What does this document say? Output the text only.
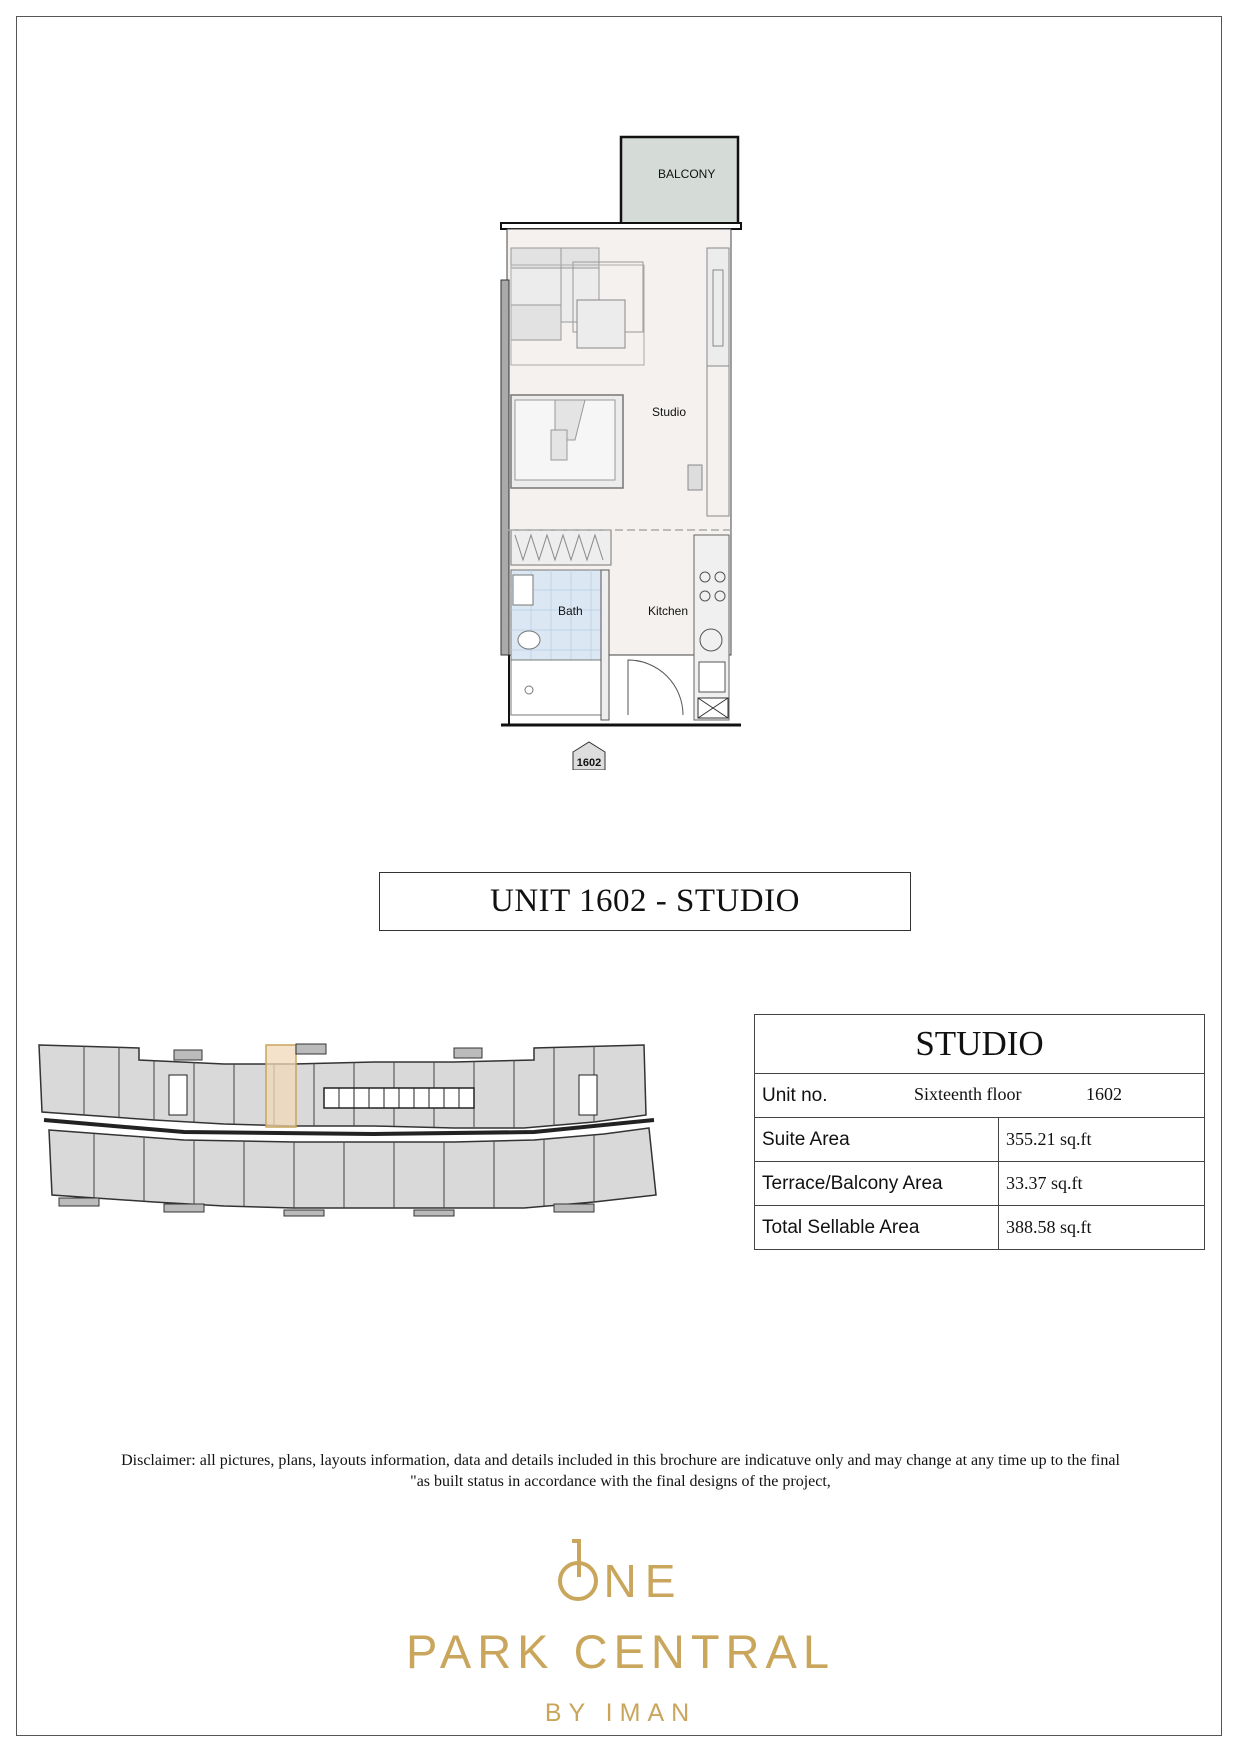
BALCONY
Studio
Bath	Kitchen
1602
UNIT 1602 - STUDIO
STUDIO	
Unit no. Sixteenth floor 1602	

Suite Area	355.21 sq.ft
Terrace/Balcony Area	33.37 sq.ft
Total Sellable Area	388.58 sq.ft
Disclaimer: all pictures, plans, layouts information, data and details included in this brochure are indicatuve only and may change at any time up to the final
"as built status in accordance with the final designs of the project,
NE
PARK CENTRAL
BY IMAN
